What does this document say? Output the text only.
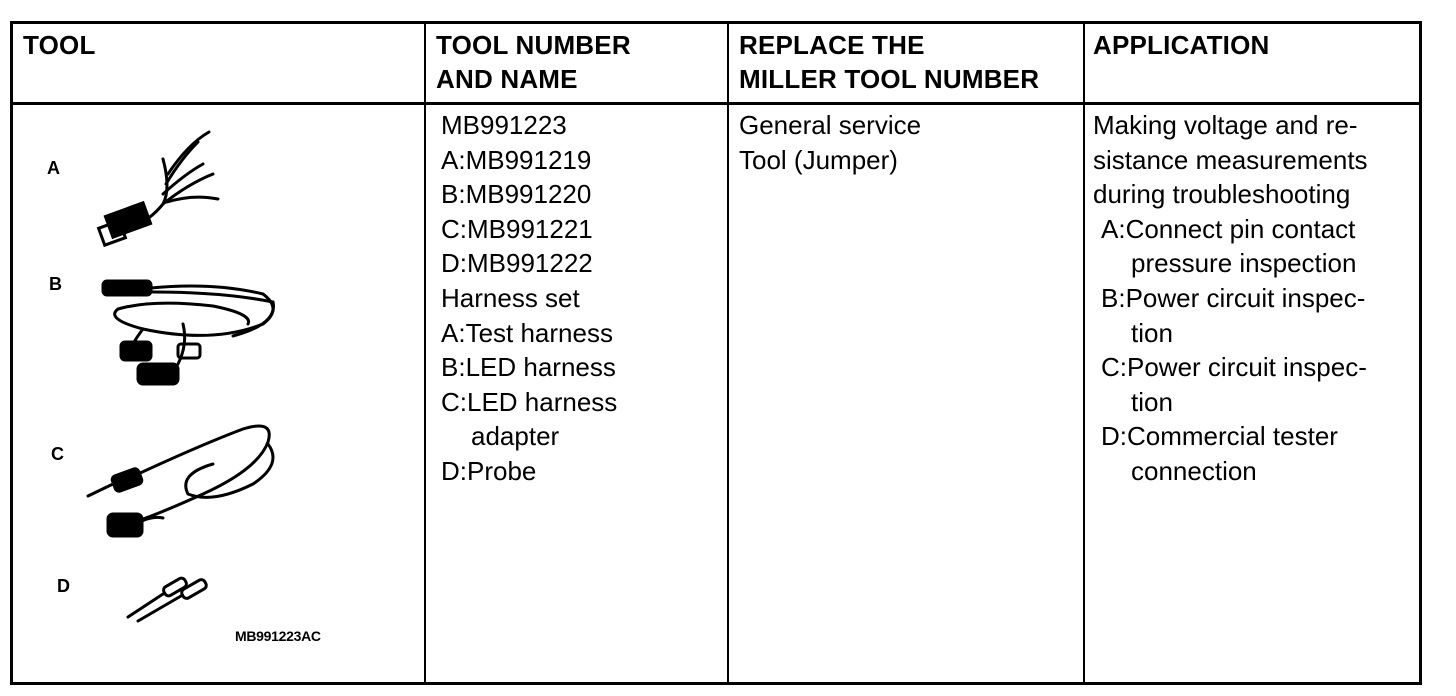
TOOL	TOOL NUMBER
AND NAME
REPLACE THE
MILLER TOOL NUMBER
APPLICATION
A
B
C
D
MB991223AC
MB991223
A:MB991219
B:MB991220
C:MB991221
D:MB991222
Harness set
A:Test harness
B:LED harness
C:LED harness
adapter
D:Probe
General service
Tool (Jumper)
Making voltage and re-
sistance measurements
during troubleshooting
A:Connect pin contact
pressure inspection
B:Power circuit inspec-
tion
C:Power circuit inspec-
tion
D:Commercial tester
connection
